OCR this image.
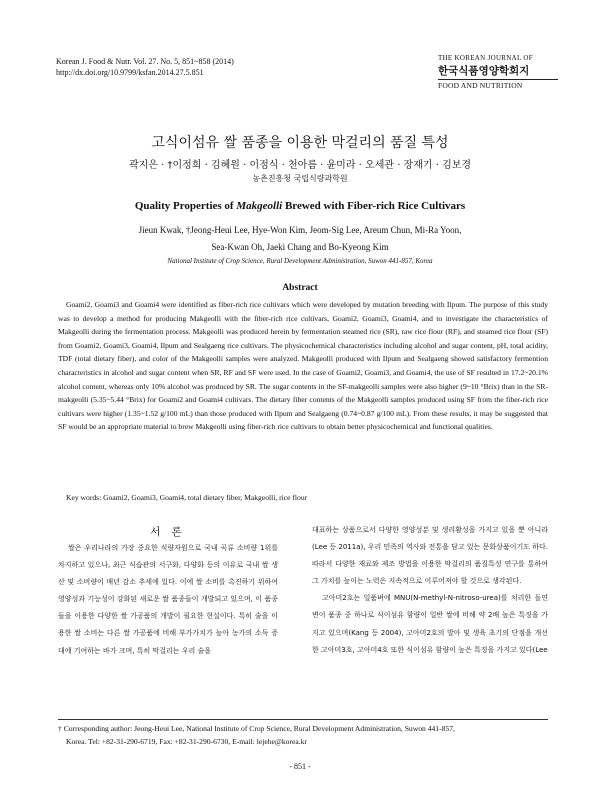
Korean J. Food & Nutr. Vol. 27. No. 5, 851~858 (2014)
http://dx.doi.org/10.9799/ksfan.2014.27.5.851
THE KOREAN JOURNAL OF
한국식품영양학회지
FOOD AND NUTRITION
고식이섬유 쌀 품종을 이용한 막걸리의 품질 특성
곽지은 · †이정희 · 김혜원 · 이점식 · 천아름 · 윤미라 · 오세관 · 장재기 · 김보경
농촌진흥청 국립식량과학원
Quality Properties of Makgeolli Brewed with Fiber-rich Rice Cultivars
Jieun Kwak, †Jeong-Heui Lee, Hye-Won Kim, Jeom-Sig Lee, Areum Chun, Mi-Ra Yoon,
Sea-Kwan Oh, Jaeki Chang and Bo-Kyeong Kim
National Institute of Crop Science, Rural Development Administration, Suwon 441-857, Korea
Abstract

Goami2, Goami3 and Goami4 were identified as fiber-rich rice cultivars which were developed by mutation breeding with Ilpum. The purpose of this study was to develop a method for producing Makgeolli with the fiber-rich rice cultivars, Goami2, Goami3, Goami4, and to investigate the characteristics of Makgeolli during the fermentation process. Makgeolli was produced herein by fermentation steamed rice (SR), raw rice flour (RF), and steamed rice flour (SF) from Goami2, Goami3, Goami4, Ilpum and Sealgaeng rice cultivars. The physicochemical characteristics including alcohol and sugar content, pH, total acidity, TDF (total dietary fiber), and color of the Makgeolli samples were analyzed. Makgeolli produced with Ilpum and Sealgaeng showed satisfactory fermention characteristics in alcohol and sugar content when SR, RF and SF were used. In the case of Goami2, Goami3, and Goami4, the use of SF resulted in 17.2~20.1% alcohol content, whereas only 10% alcohol was produced by SR. The sugar contents in the SF-makgeolli samples were also higher (9~10 °Brix) than in the SR-makgeolli (5.35~5.44 °Brix) for Goami2 and Goami4 cultivars. The dietary fiber contents of the Makgeolli samples produced using SF from the fiber-rich rice cultivars were higher (1.35~1.52 g/100 mL) than those produced with Ilpum and Sealgaeng (0.74~0.87 g/100 mL). From these results, it may be suggested that SF would be an appropriate material to brew Makgeolli using fiber-rich rice cultivars to obtain better physicochemical and functional qualities.

Key words: Goami2, Goami3, Goami4, total dietary fiber, Makgeolli, rice flour
서 론

쌀은 우리나라의 가장 중요한 식량자원으로 국내 곡류 소비량 1위를 차지하고 있으나, 최근 식습관의 서구화, 다양화 등의 이유로 국내 쌀 생산 및 소비량이 매년 감소 추세에 있다. 이에 쌀 소비를 촉진하기 위하여 영양성과 기능성이 강화된 새로운 쌀 품종들이 개발되고 있으며, 이 품종들을 이용한 다양한 쌀 가공품의 개발이 필요한 현실이다. 특히 술을 이용한 쌀 소비는 다른 쌀 가공품에 비해 부가가치가 높아 농가의 소득 증대에 기여하는 바가 크며, 특히 막걸리는 우리 술을

대표하는 상품으로서 다양한 영양성분 및 생리활성을 가지고 있을 뿐 아니라(Lee 등 2011a), 우리 민족의 역사와 전통을 담고 있는 문화상품이기도 하다. 따라서 다양한 재료와 제조 방법을 이용한 막걸리의 품질특성 연구를 통하여 그 가치를 높이는 노력은 지속적으로 이루어져야 할 것으로 생각된다.

고아미2호는 일품벼에 MNU(N-methyl-N-nitroso-urea)를 처리한 돌연변이 품종 중 하나로 식이섬유 함량이 일반 쌀에 비해 약 2배 높은 특징을 가지고 있으며(Kang 등 2004), 고아미2호의 발아 및 생육 초기의 단점을 개선한 고아미3호, 고아미4호 또한 식이섬유 함량이 높은 특징을 가지고 있다(Lee

† Corresponding author: Jeong-Heui Lee, National Institute of Crop Science, Rural Development Administration, Suwon 441-857,
Korea. Tel: +82-31-290-6719, Fax: +82-31-290-6730, E-mail: lejehe@korea.kr
- 851 -
